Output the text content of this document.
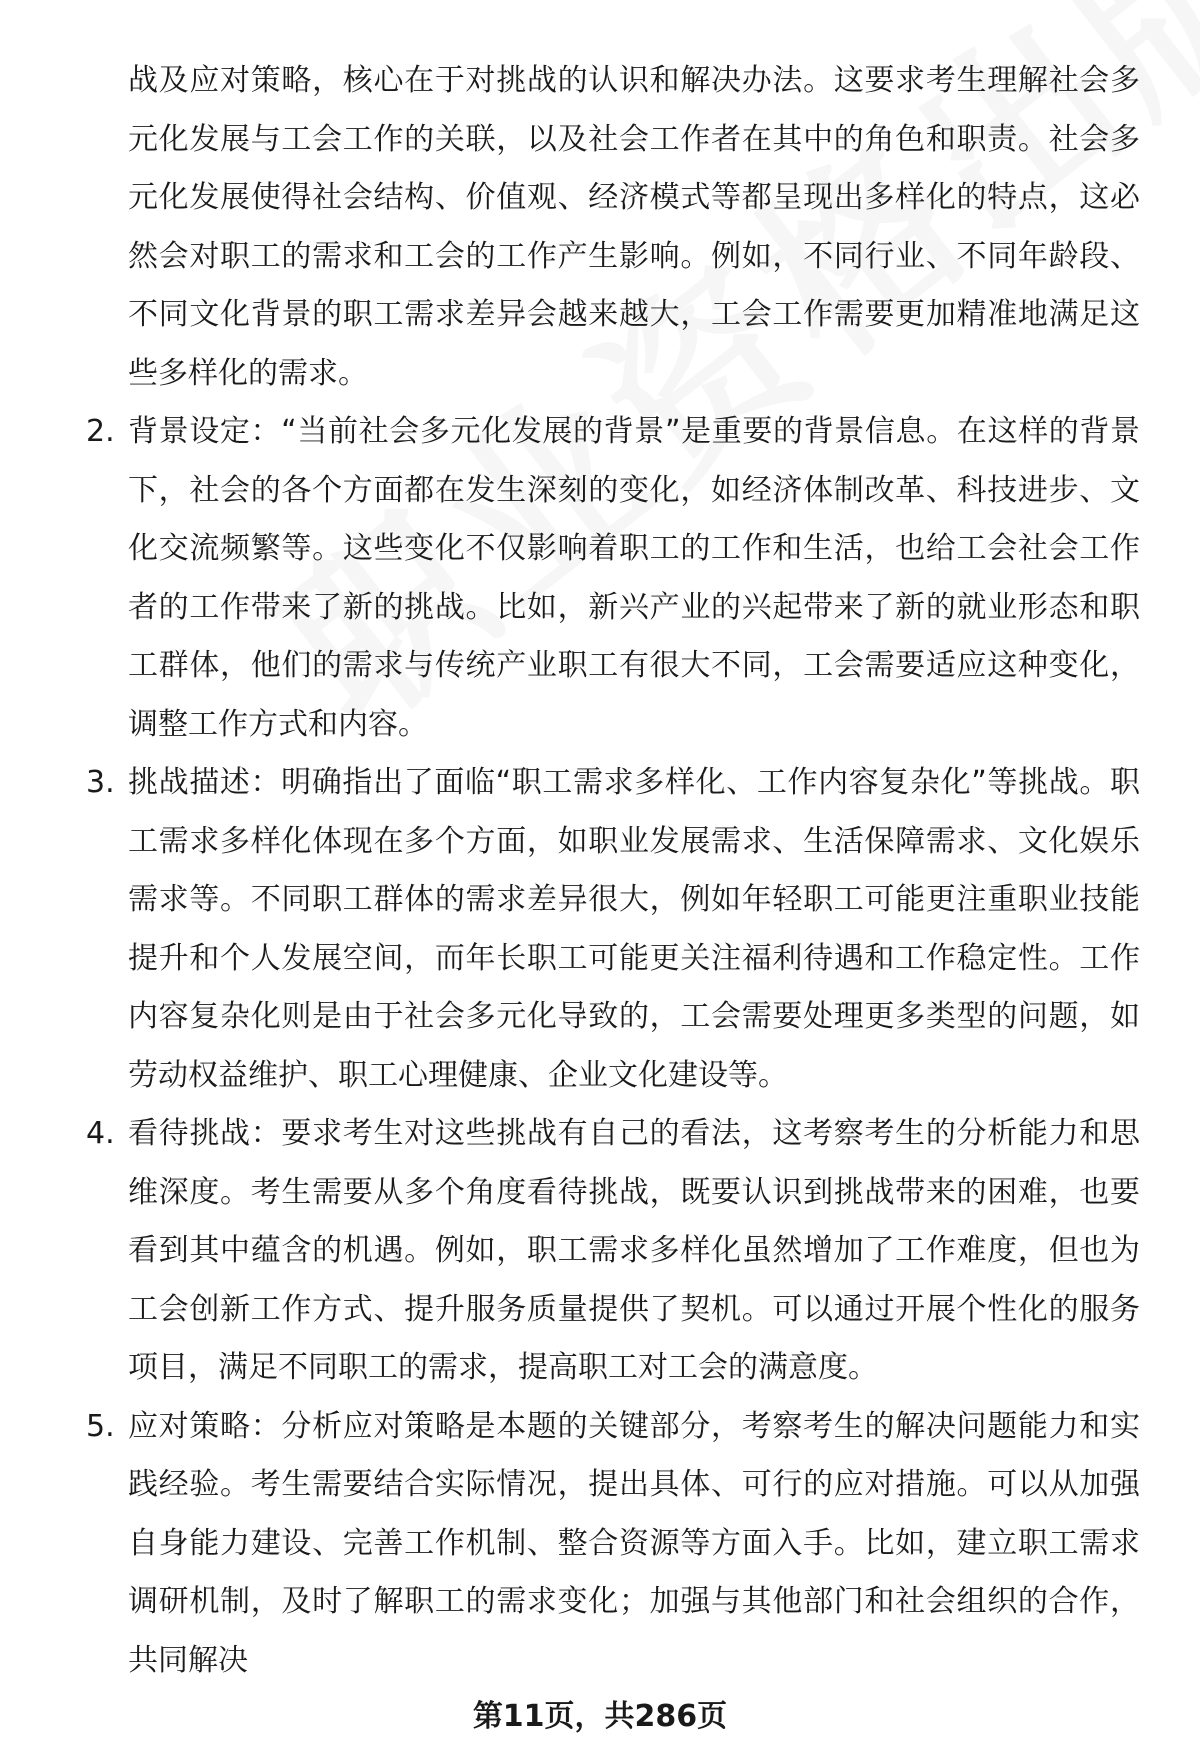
战及应对策略，核心在于对挑战的认识和解决办法。这要求考生理解社会多元化发展与工会工作的关联，以及社会工作者在其中的角色和职责。社会多元化发展使得社会结构、价值观、经济模式等都呈现出多样化的特点，这必然会对职工的需求和工会的工作产生影响。例如，不同行业、不同年龄段、不同文化背景的职工需求差异会越来越大，工会工作需要更加精准地满足这些多样化的需求。

2. 背景设定：“当前社会多元化发展的背景”是重要的背景信息。在这样的背景下，社会的各个方面都在发生深刻的变化，如经济体制改革、科技进步、文化交流频繁等。这些变化不仅影响着职工的工作和生活，也给工会社会工作者的工作带来了新的挑战。比如，新兴产业的兴起带来了新的就业形态和职工群体，他们的需求与传统产业职工有很大不同，工会需要适应这种变化，调整工作方式和内容。
3. 挑战描述：明确指出了面临“职工需求多样化、工作内容复杂化”等挑战。职工需求多样化体现在多个方面，如职业发展需求、生活保障需求、文化娱乐需求等。不同职工群体的需求差异很大，例如年轻职工可能更注重职业技能提升和个人发展空间，而年长职工可能更关注福利待遇和工作稳定性。工作内容复杂化则是由于社会多元化导致的，工会需要处理更多类型的问题，如劳动权益维护、职工心理健康、企业文化建设等。
4. 看待挑战：要求考生对这些挑战有自己的看法，这考察考生的分析能力和思维深度。考生需要从多个角度看待挑战，既要认识到挑战带来的困难，也要看到其中蕴含的机遇。例如，职工需求多样化虽然增加了工作难度，但也为工会创新工作方式、提升服务质量提供了契机。可以通过开展个性化的服务项目，满足不同职工的需求，提高职工对工会的满意度。
5. 应对策略：分析应对策略是本题的关键部分，考察考生的解决问题能力和实践经验。考生需要结合实际情况，提出具体、可行的应对措施。可以从加强自身能力建设、完善工作机制、整合资源等方面入手。比如，建立职工需求调研机制，及时了解职工的需求变化；加强与其他部门和社会组织的合作，共同解决
第11页，共286页
